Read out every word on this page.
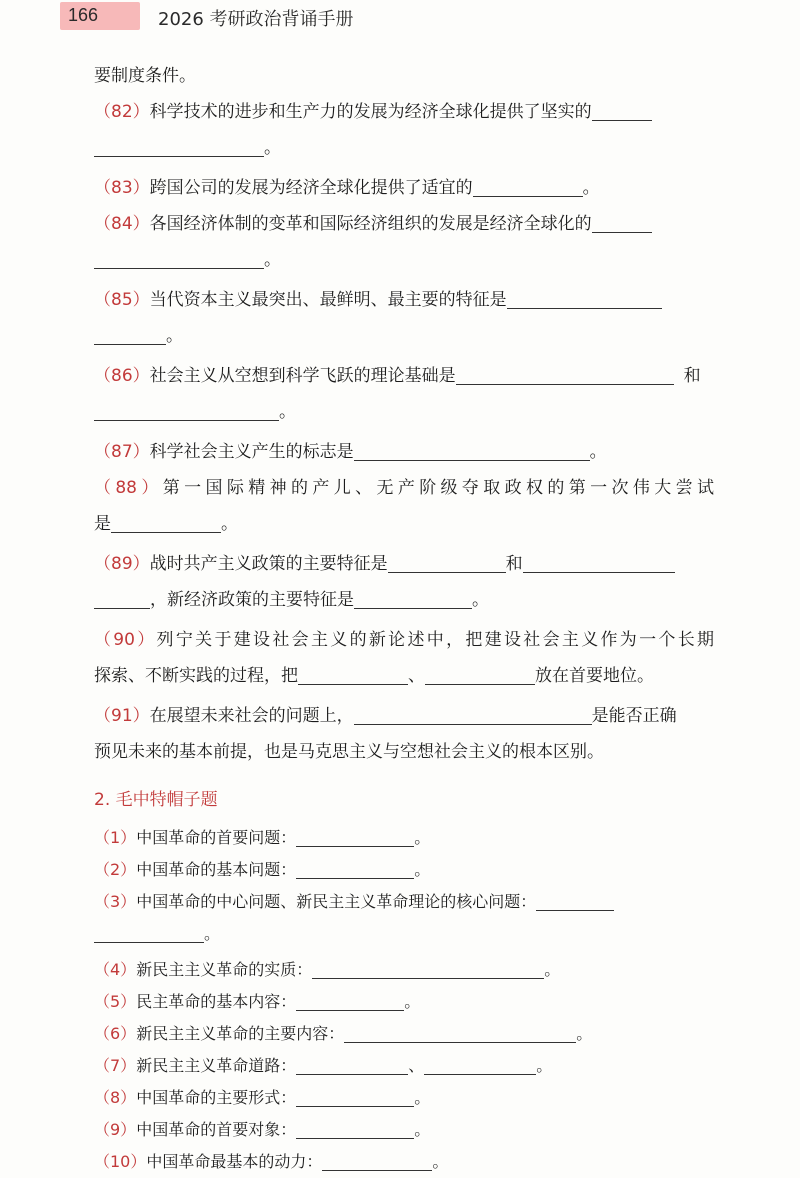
166	2026 考研政治背诵手册
要制度条件。
（82）科学技术的进步和生产力的发展为经济全球化提供了坚实的
。
（83）跨国公司的发展为经济全球化提供了适宜的	。
（84）各国经济体制的变革和国际经济组织的发展是经济全球化的
。
（85）当代资本主义最突出、最鲜明、最主要的特征是
。
（86）社会主义从空想到科学飞跃的理论基础是	和
。
（87）科学社会主义产生的标志是	。
（88）第一国际精神的产儿、无产阶级夺取政权的第一次伟大尝试
是	。
（89）战时共产主义政策的主要特征是	和
，新经济政策的主要特征是	。
（90）列宁关于建设社会主义的新论述中，把建设社会主义作为一个长期
探索、不断实践的过程，把	、	放在首要地位。
（91）在展望未来社会的问题上，	是能否正确
预见未来的基本前提，也是马克思主义与空想社会主义的根本区别。
2. 毛中特帽子题
（1）中国革命的首要问题：	。
（2）中国革命的基本问题：	。
（3）中国革命的中心问题、新民主主义革命理论的核心问题：
。
（4）新民主主义革命的实质：	。
（5）民主革命的基本内容：	。
（6）新民主主义革命的主要内容：	。
（7）新民主主义革命道路：	、	。
（8）中国革命的主要形式：	。
（9）中国革命的首要对象：	。
（10）中国革命最基本的动力：	。
